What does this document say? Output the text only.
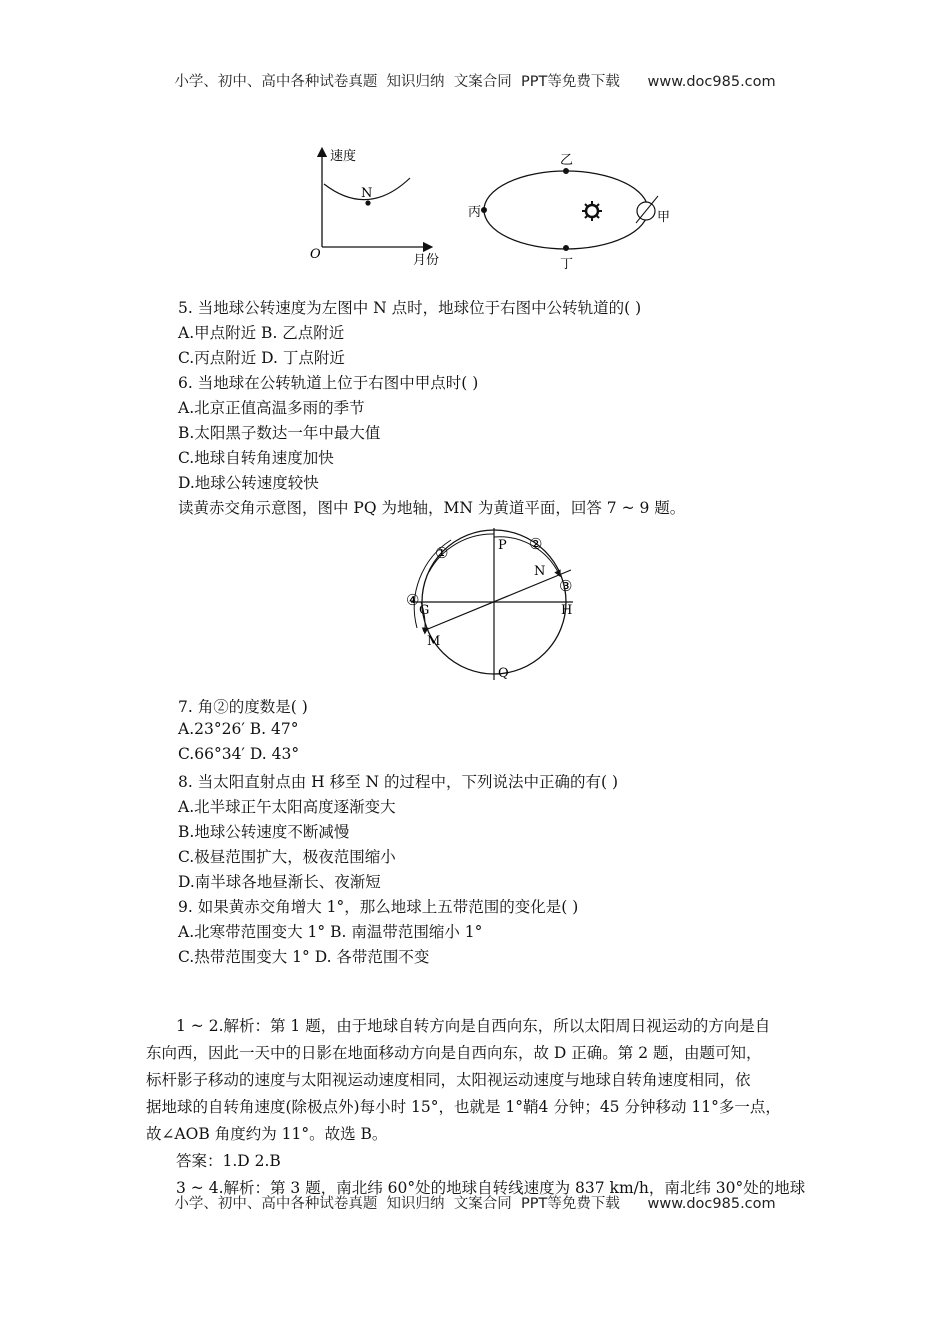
小学、初中、高中各种试卷真题  知识归纳  文案合同  PPT等免费下载      www.doc985.com
速度
N
O	月份
乙
丙
丁
甲
5. 当地球公转速度为左图中 N 点时，地球位于右图中公转轨道的( )
A.甲点附近 B. 乙点附近
C.丙点附近 D. 丁点附近
6. 当地球在公转轨道上位于右图中甲点时( )
A.北京正值高温多雨的季节
B.太阳黑子数达一年中最大值
C.地球自转角速度加快
D.地球公转速度较快
读黄赤交角示意图，图中 PQ 为地轴，MN 为黄道平面，回答 7 ~ 9 题。
P
Q
G	H
M
N
①	②
③
④
7. 角②的度数是( )
A.23°26′ B. 47°
C.66°34′ D. 43°
8. 当太阳直射点由 H 移至 N 的过程中，下列说法中正确的有( )
A.北半球正午太阳高度逐渐变大
B.地球公转速度不断减慢
C.极昼范围扩大，极夜范围缩小
D.南半球各地昼渐长、夜渐短
9. 如果黄赤交角增大 1°，那么地球上五带范围的变化是( )
A.北寒带范围变大 1° B. 南温带范围缩小 1°
C.热带范围变大 1° D. 各带范围不变

1 ~ 2.解析：第 1 题，由于地球自转方向是自西向东，所以太阳周日视运动的方向是自

东向西，因此一天中的日影在地面移动方向是自西向东，故 D 正确。第 2 题，由题可知，

标杆影子移动的速度与太阳视运动速度相同，太阳视运动速度与地球自转角速度相同，依

据地球的自转角速度(除极点外)每小时 15°，也就是 1°鞘4 分钟；45 分钟移动 11°多一点，

故∠AOB 角度约为 11°。故选 B。

答案：1.D 2.B

3 ~ 4.解析：第 3 题，南北纬 60°处的地球自转线速度为 837 km/h，南北纬 30°处的地球

小学、初中、高中各种试卷真题  知识归纳  文案合同  PPT等免费下载      www.doc985.com
